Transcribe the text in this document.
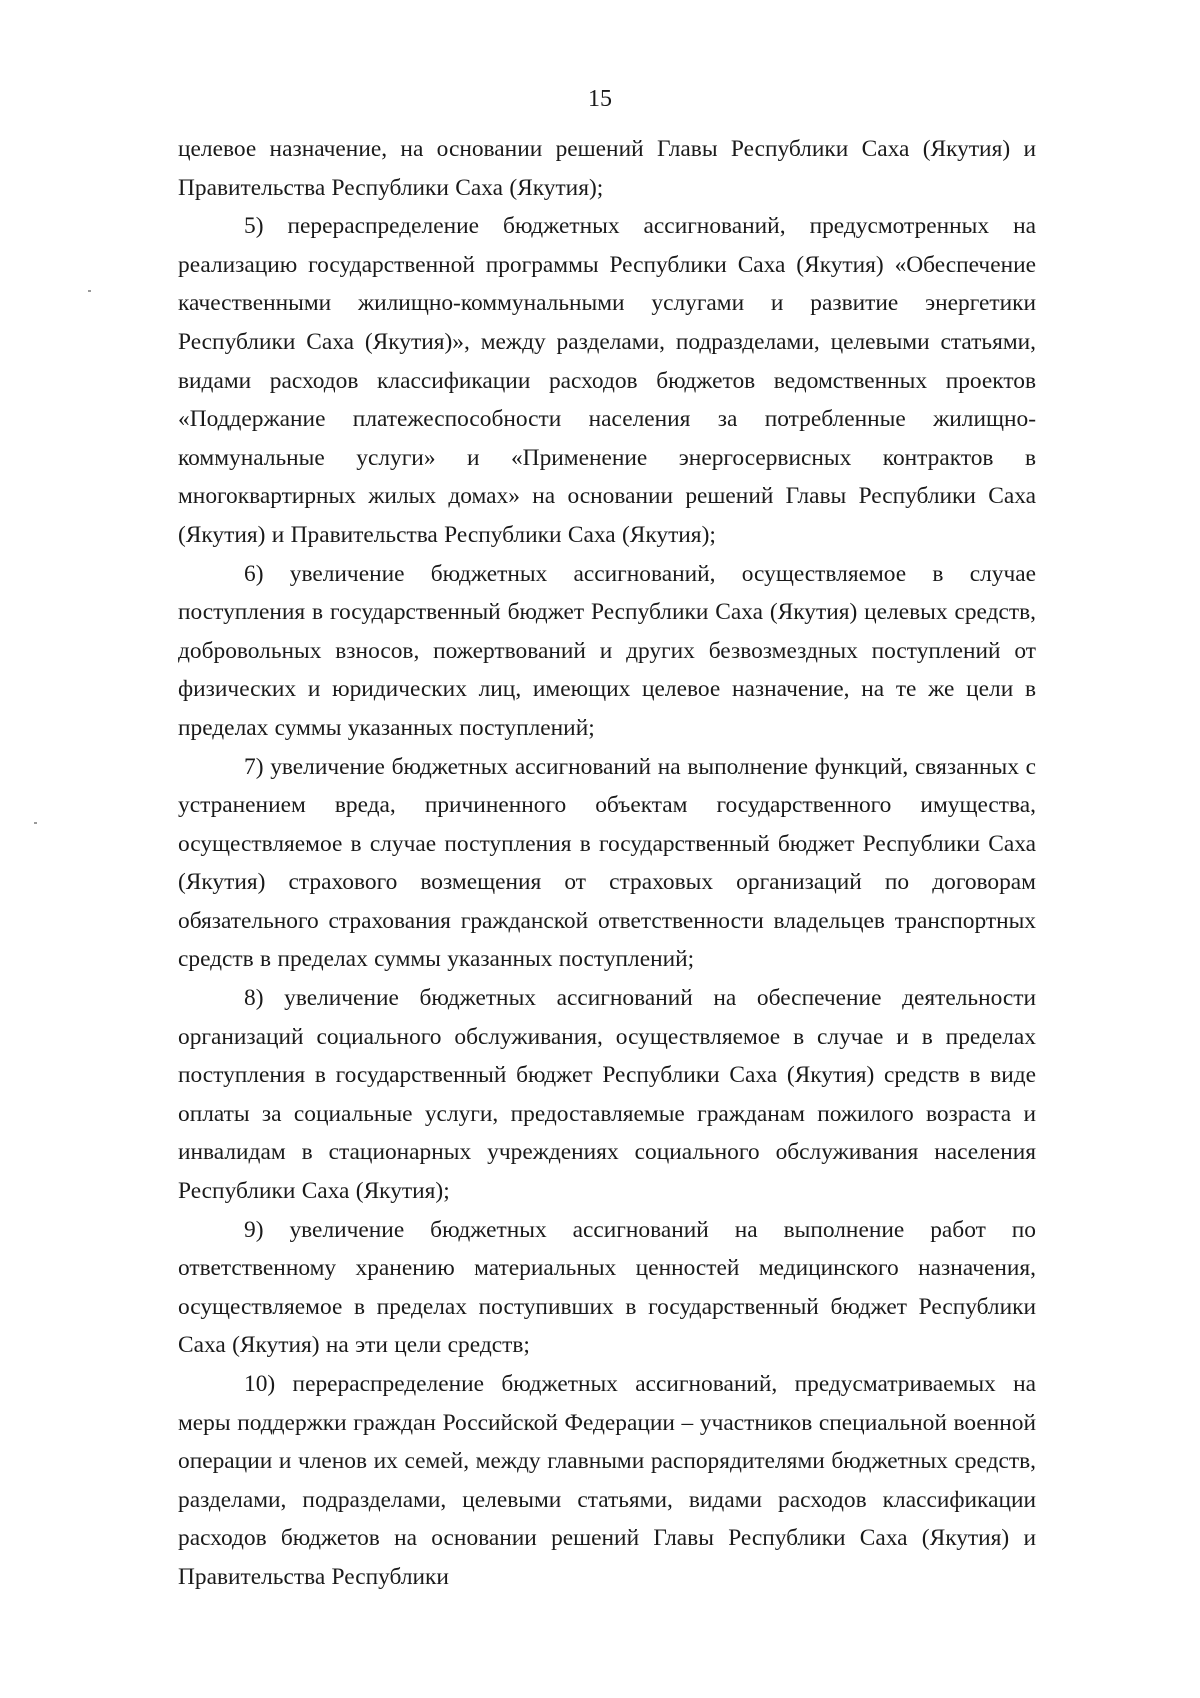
15

целевое назначение, на основании решений Главы Республики Саха (Якутия) и Правительства Республики Саха (Якутия);

5) перераспределение бюджетных ассигнований, предусмотренных на реализацию государственной программы Республики Саха (Якутия) «Обеспечение качественными жилищно-коммунальными услугами и развитие энергетики Республики Саха (Якутия)», между разделами, подразделами, целевыми статьями, видами расходов классификации расходов бюджетов ведомственных проектов «Поддержание платежеспособности населения за потребленные жилищно-коммунальные услуги» и «Применение энергосервисных контрактов в многоквартирных жилых домах» на основании решений Главы Республики Саха (Якутия) и Правительства Республики Саха (Якутия);

6) увеличение бюджетных ассигнований, осуществляемое в случае поступления в государственный бюджет Республики Саха (Якутия) целевых средств, добровольных взносов, пожертвований и других безвозмездных поступлений от физических и юридических лиц, имеющих целевое назначение, на те же цели в пределах суммы указанных поступлений;

7) увеличение бюджетных ассигнований на выполнение функций, связанных с устранением вреда, причиненного объектам государственного имущества, осуществляемое в случае поступления в государственный бюджет Республики Саха (Якутия) страхового возмещения от страховых организаций по договорам обязательного страхования гражданской ответственности владельцев транспортных средств в пределах суммы указанных поступлений;

8) увеличение бюджетных ассигнований на обеспечение деятельности организаций социального обслуживания, осуществляемое в случае и в пределах поступления в государственный бюджет Республики Саха (Якутия) средств в виде оплаты за социальные услуги, предоставляемые гражданам пожилого возраста и инвалидам в стационарных учреждениях социального обслуживания населения Республики Саха (Якутия);

9) увеличение бюджетных ассигнований на выполнение работ по ответственному хранению материальных ценностей медицинского назначения, осуществляемое в пределах поступивших в государственный бюджет Республики Саха (Якутия) на эти цели средств;

10) перераспределение бюджетных ассигнований, предусматриваемых на меры поддержки граждан Российской Федерации – участников специальной военной операции и членов их семей, между главными распорядителями бюджетных средств, разделами, подразделами, целевыми статьями, видами расходов классификации расходов бюджетов на основании решений Главы Республики Саха (Якутия) и Правительства Республики
